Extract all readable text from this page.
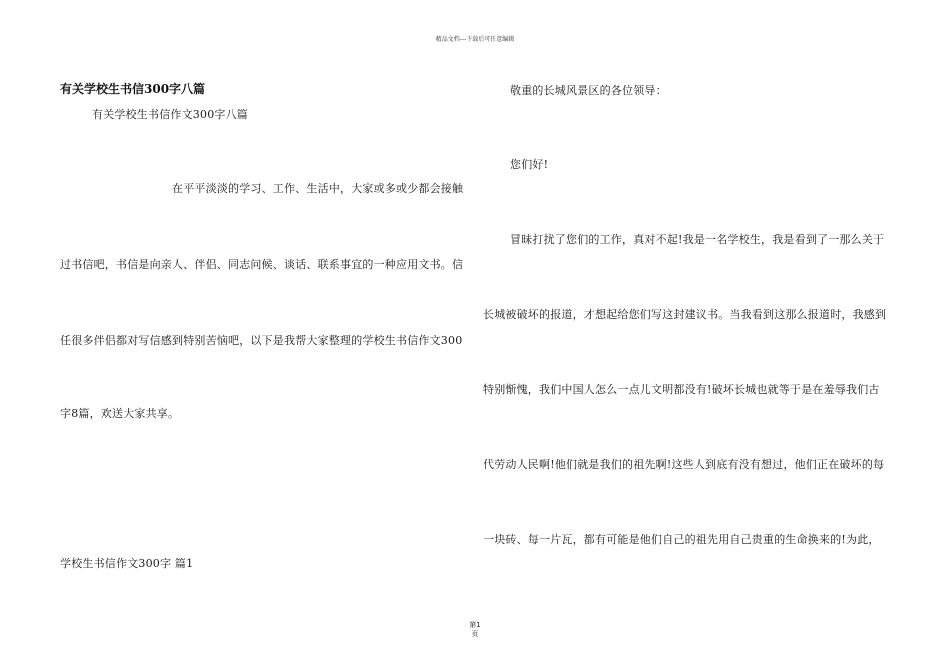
精品文档---下载后可任意编辑
有关学校生书信300字八篇
有关学校生书信作文300字八篇
在平平淡淡的学习、工作、生活中，大家或多或少都会接触
过书信吧，书信是向亲人、伴侣、同志问候、谈话、联系事宜的一种应用文书。信
任很多伴侣都对写信感到特别苦恼吧，以下是我帮大家整理的学校生书信作文300
字8篇，欢送大家共享。
学校生书信作文300字 篇1
敬重的长城风景区的各位领导：
您们好!
冒昧打扰了您们的工作，真对不起!我是一名学校生，我是看到了一那么关于
长城被破坏的报道，才想起给您们写这封建议书。当我看到这那么报道时，我感到
特别惭愧，我们中国人怎么一点儿文明都没有!破坏长城也就等于是在羞辱我们古
代劳动人民啊!他们就是我们的祖先啊!这些人到底有没有想过，他们正在破坏的每
一块砖、每一片瓦，都有可能是他们自己的祖先用自己贵重的生命换来的!为此，
第1
页
